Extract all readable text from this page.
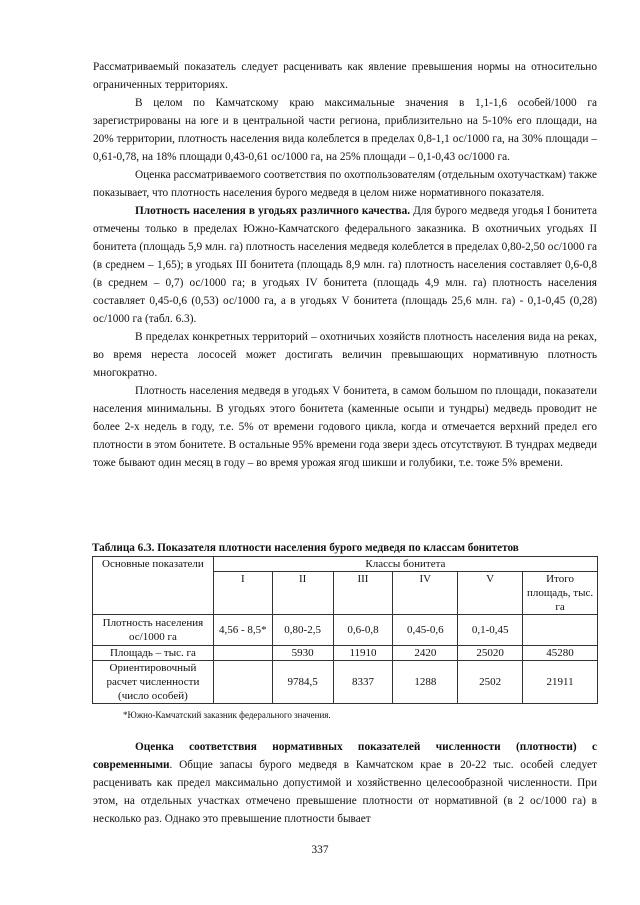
Рассматриваемый показатель следует расценивать как явление превышения нормы на относительно ограниченных территориях.

В целом по Камчатскому краю максимальные значения в 1,1-1,6 особей/1000 га зарегистрированы на юге и в центральной части региона, приблизительно на 5-10% его площади, на 20% территории, плотность населения вида колеблется в пределах 0,8-1,1 ос/1000 га, на 30% площади – 0,61-0,78, на 18% площади 0,43-0,61 ос/1000 га, на 25% площади – 0,1-0,43 ос/1000 га.

Оценка рассматриваемого соответствия по охотпользователям (отдельным охотучасткам) также показывает, что плотность населения бурого медведя в целом ниже нормативного показателя.

Плотность населения в угодьях различного качества. Для бурого медведя угодья I бонитета отмечены только в пределах Южно-Камчатского федерального заказника. В охотничьих угодьях II бонитета (площадь 5,9 млн. га) плотность населения медведя колеблется в пределах 0,80-2,50 ос/1000 га (в среднем – 1,65); в угодьях III бонитета (площадь 8,9 млн. га) плотность населения составляет 0,6-0,8 (в среднем – 0,7) ос/1000 га; в угодьях IV бонитета (площадь 4,9 млн. га) плотность населения составляет 0,45-0,6 (0,53) ос/1000 га, а в угодьях V бонитета (площадь 25,6 млн. га) - 0,1-0,45 (0,28) ос/1000 га (табл. 6.3).

В пределах конкретных территорий – охотничьих хозяйств плотность населения вида на реках, во время нереста лососей может достигать величин превышающих нормативную плотность многократно.

Плотность населения медведя в угодьях V бонитета, в самом большом по площади, показатели населения минимальны. В угодьях этого бонитета (каменные осыпи и тундры) медведь проводит не более 2-х недель в году, т.е. 5% от времени годового цикла, когда и отмечается верхний предел его плотности в этом бонитете. В остальные 95% времени года звери здесь отсутствуют. В тундрах медведи тоже бывают один месяц в году – во время урожая ягод шикши и голубики, т.е. тоже 5% времени.

Таблица 6.3. Показателя плотности населения бурого медведя по классам бонитетов
Основные показатели	Классы бонитета					
	I	II	III	IV	V	Итого площадь, тыс. га
Плотность населения ос/1000 га	4,56 - 8,5*	0,80-2,5	0,6-0,8	0,45-0,6	0,1-0,45	
Площадь – тыс. га		5930	11910	2420	25020	45280
Ориентировочный расчет численности (число особей)		9784,5	8337	1288	2502	21911
*Южно-Камчатский заказник федерального значения.

Оценка соответствия нормативных показателей численности (плотности) с современными. Общие запасы бурого медведя в Камчатском крае в 20-22 тыс. особей следует расценивать как предел максимально допустимой и хозяйственно целесообразной численности. При этом, на отдельных участках отмечено превышение плотности от нормативной (в 2 ос/1000 га) в несколько раз. Однако это превышение плотности бывает

337
